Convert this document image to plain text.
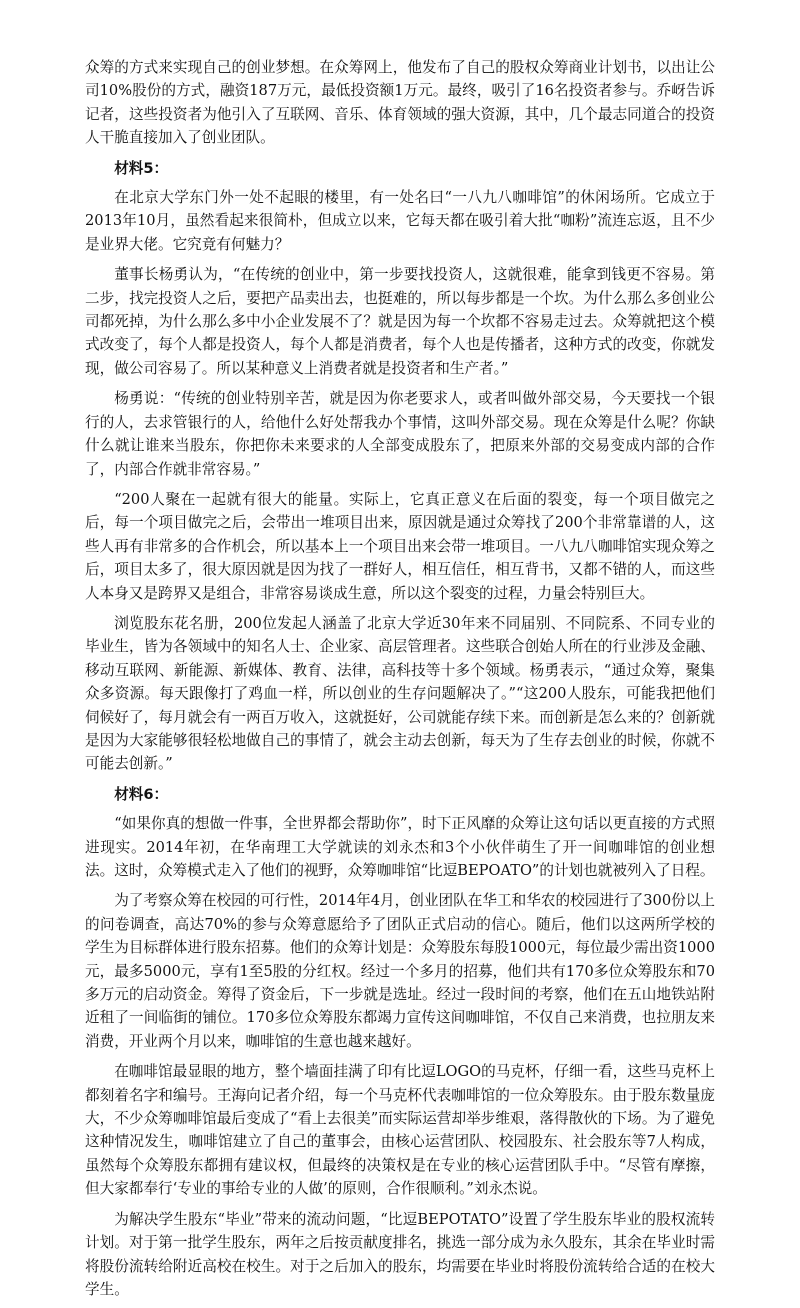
众筹的方式来实现自己的创业梦想。在众筹网上，他发布了自己的股权众筹商业计划书，以出让公司10%股份的方式，融资187万元，最低投资额1万元。最终，吸引了16名投资者参与。乔岈告诉记者，这些投资者为他引入了互联网、音乐、体育领域的强大资源，其中，几个最志同道合的投资人干脆直接加入了创业团队。

材料5：

在北京大学东门外一处不起眼的楼里，有一处名曰“一八九八咖啡馆”的休闲场所。它成立于2013年10月，虽然看起来很简朴，但成立以来，它每天都在吸引着大批“咖粉”流连忘返，且不少是业界大佬。它究竟有何魅力？

董事长杨勇认为，“在传统的创业中，第一步要找投资人，这就很难，能拿到钱更不容易。第二步，找完投资人之后，要把产品卖出去，也挺难的，所以每步都是一个坎。为什么那么多创业公司都死掉，为什么那么多中小企业发展不了？就是因为每一个坎都不容易走过去。众筹就把这个模式改变了，每个人都是投资人，每个人都是消费者，每个人也是传播者，这种方式的改变，你就发现，做公司容易了。所以某种意义上消费者就是投资者和生产者。”

杨勇说：“传统的创业特别辛苦，就是因为你老要求人，或者叫做外部交易，今天要找一个银行的人，去求管银行的人，给他什么好处帮我办个事情，这叫外部交易。现在众筹是什么呢？你缺什么就让谁来当股东，你把你未来要求的人全部变成股东了，把原来外部的交易变成内部的合作了，内部合作就非常容易。”

“200人聚在一起就有很大的能量。实际上，它真正意义在后面的裂变，每一个项目做完之后，每一个项目做完之后，会带出一堆项目出来，原因就是通过众筹找了200个非常靠谱的人，这些人再有非常多的合作机会，所以基本上一个项目出来会带一堆项目。一八九八咖啡馆实现众筹之后，项目太多了，很大原因就是因为找了一群好人，相互信任，相互背书，又都不错的人，而这些人本身又是跨界又是组合，非常容易谈成生意，所以这个裂变的过程，力量会特别巨大。

浏览股东花名册，200位发起人涵盖了北京大学近30年来不同届别、不同院系、不同专业的毕业生，皆为各领域中的知名人士、企业家、高层管理者。这些联合创始人所在的行业涉及金融、移动互联网、新能源、新媒体、教育、法律，高科技等十多个领域。杨勇表示，“通过众筹，聚集众多资源。每天跟像打了鸡血一样，所以创业的生存问题解决了。”“这200人股东，可能我把他们伺候好了，每月就会有一两百万收入，这就挺好，公司就能存续下来。而创新是怎么来的？创新就是因为大家能够很轻松地做自己的事情了，就会主动去创新，每天为了生存去创业的时候，你就不可能去创新。”

材料6：

“如果你真的想做一件事，全世界都会帮助你”，时下正风靡的众筹让这句话以更直接的方式照进现实。2014年初，在华南理工大学就读的刘永杰和3个小伙伴萌生了开一间咖啡馆的创业想法。这时，众筹模式走入了他们的视野，众筹咖啡馆“比逗BEPOATO”的计划也就被列入了日程。

为了考察众筹在校园的可行性，2014年4月，创业团队在华工和华农的校园进行了300份以上的问卷调查，高达70%的参与众筹意愿给予了团队正式启动的信心。随后，他们以这两所学校的学生为目标群体进行股东招募。他们的众筹计划是：众筹股东每股1000元，每位最少需出资1000元，最多5000元，享有1至5股的分红权。经过一个多月的招募，他们共有170多位众筹股东和70多万元的启动资金。筹得了资金后，下一步就是选址。经过一段时间的考察，他们在五山地铁站附近租了一间临街的铺位。170多位众筹股东都竭力宣传这间咖啡馆，不仅自己来消费，也拉朋友来消费，开业两个月以来，咖啡馆的生意也越来越好。

在咖啡馆最显眼的地方，整个墙面挂满了印有比逗LOGO的马克杯，仔细一看，这些马克杯上都刻着名字和编号。王海向记者介绍，每一个马克杯代表咖啡馆的一位众筹股东。由于股东数量庞大，不少众筹咖啡馆最后变成了“看上去很美”而实际运营却举步维艰，落得散伙的下场。为了避免这种情况发生，咖啡馆建立了自己的董事会，由核心运营团队、校园股东、社会股东等7人构成，虽然每个众筹股东都拥有建议权，但最终的决策权是在专业的核心运营团队手中。“尽管有摩擦，但大家都奉行‘专业的事给专业的人做’的原则，合作很顺利。”刘永杰说。

为解决学生股东“毕业”带来的流动问题，“比逗BEPOTATO”设置了学生股东毕业的股权流转计划。对于第一批学生股东，两年之后按贡献度排名，挑选一部分成为永久股东，其余在毕业时需将股份流转给附近高校在校生。对于之后加入的股东，均需要在毕业时将股份流转给合适的在校大学生。
